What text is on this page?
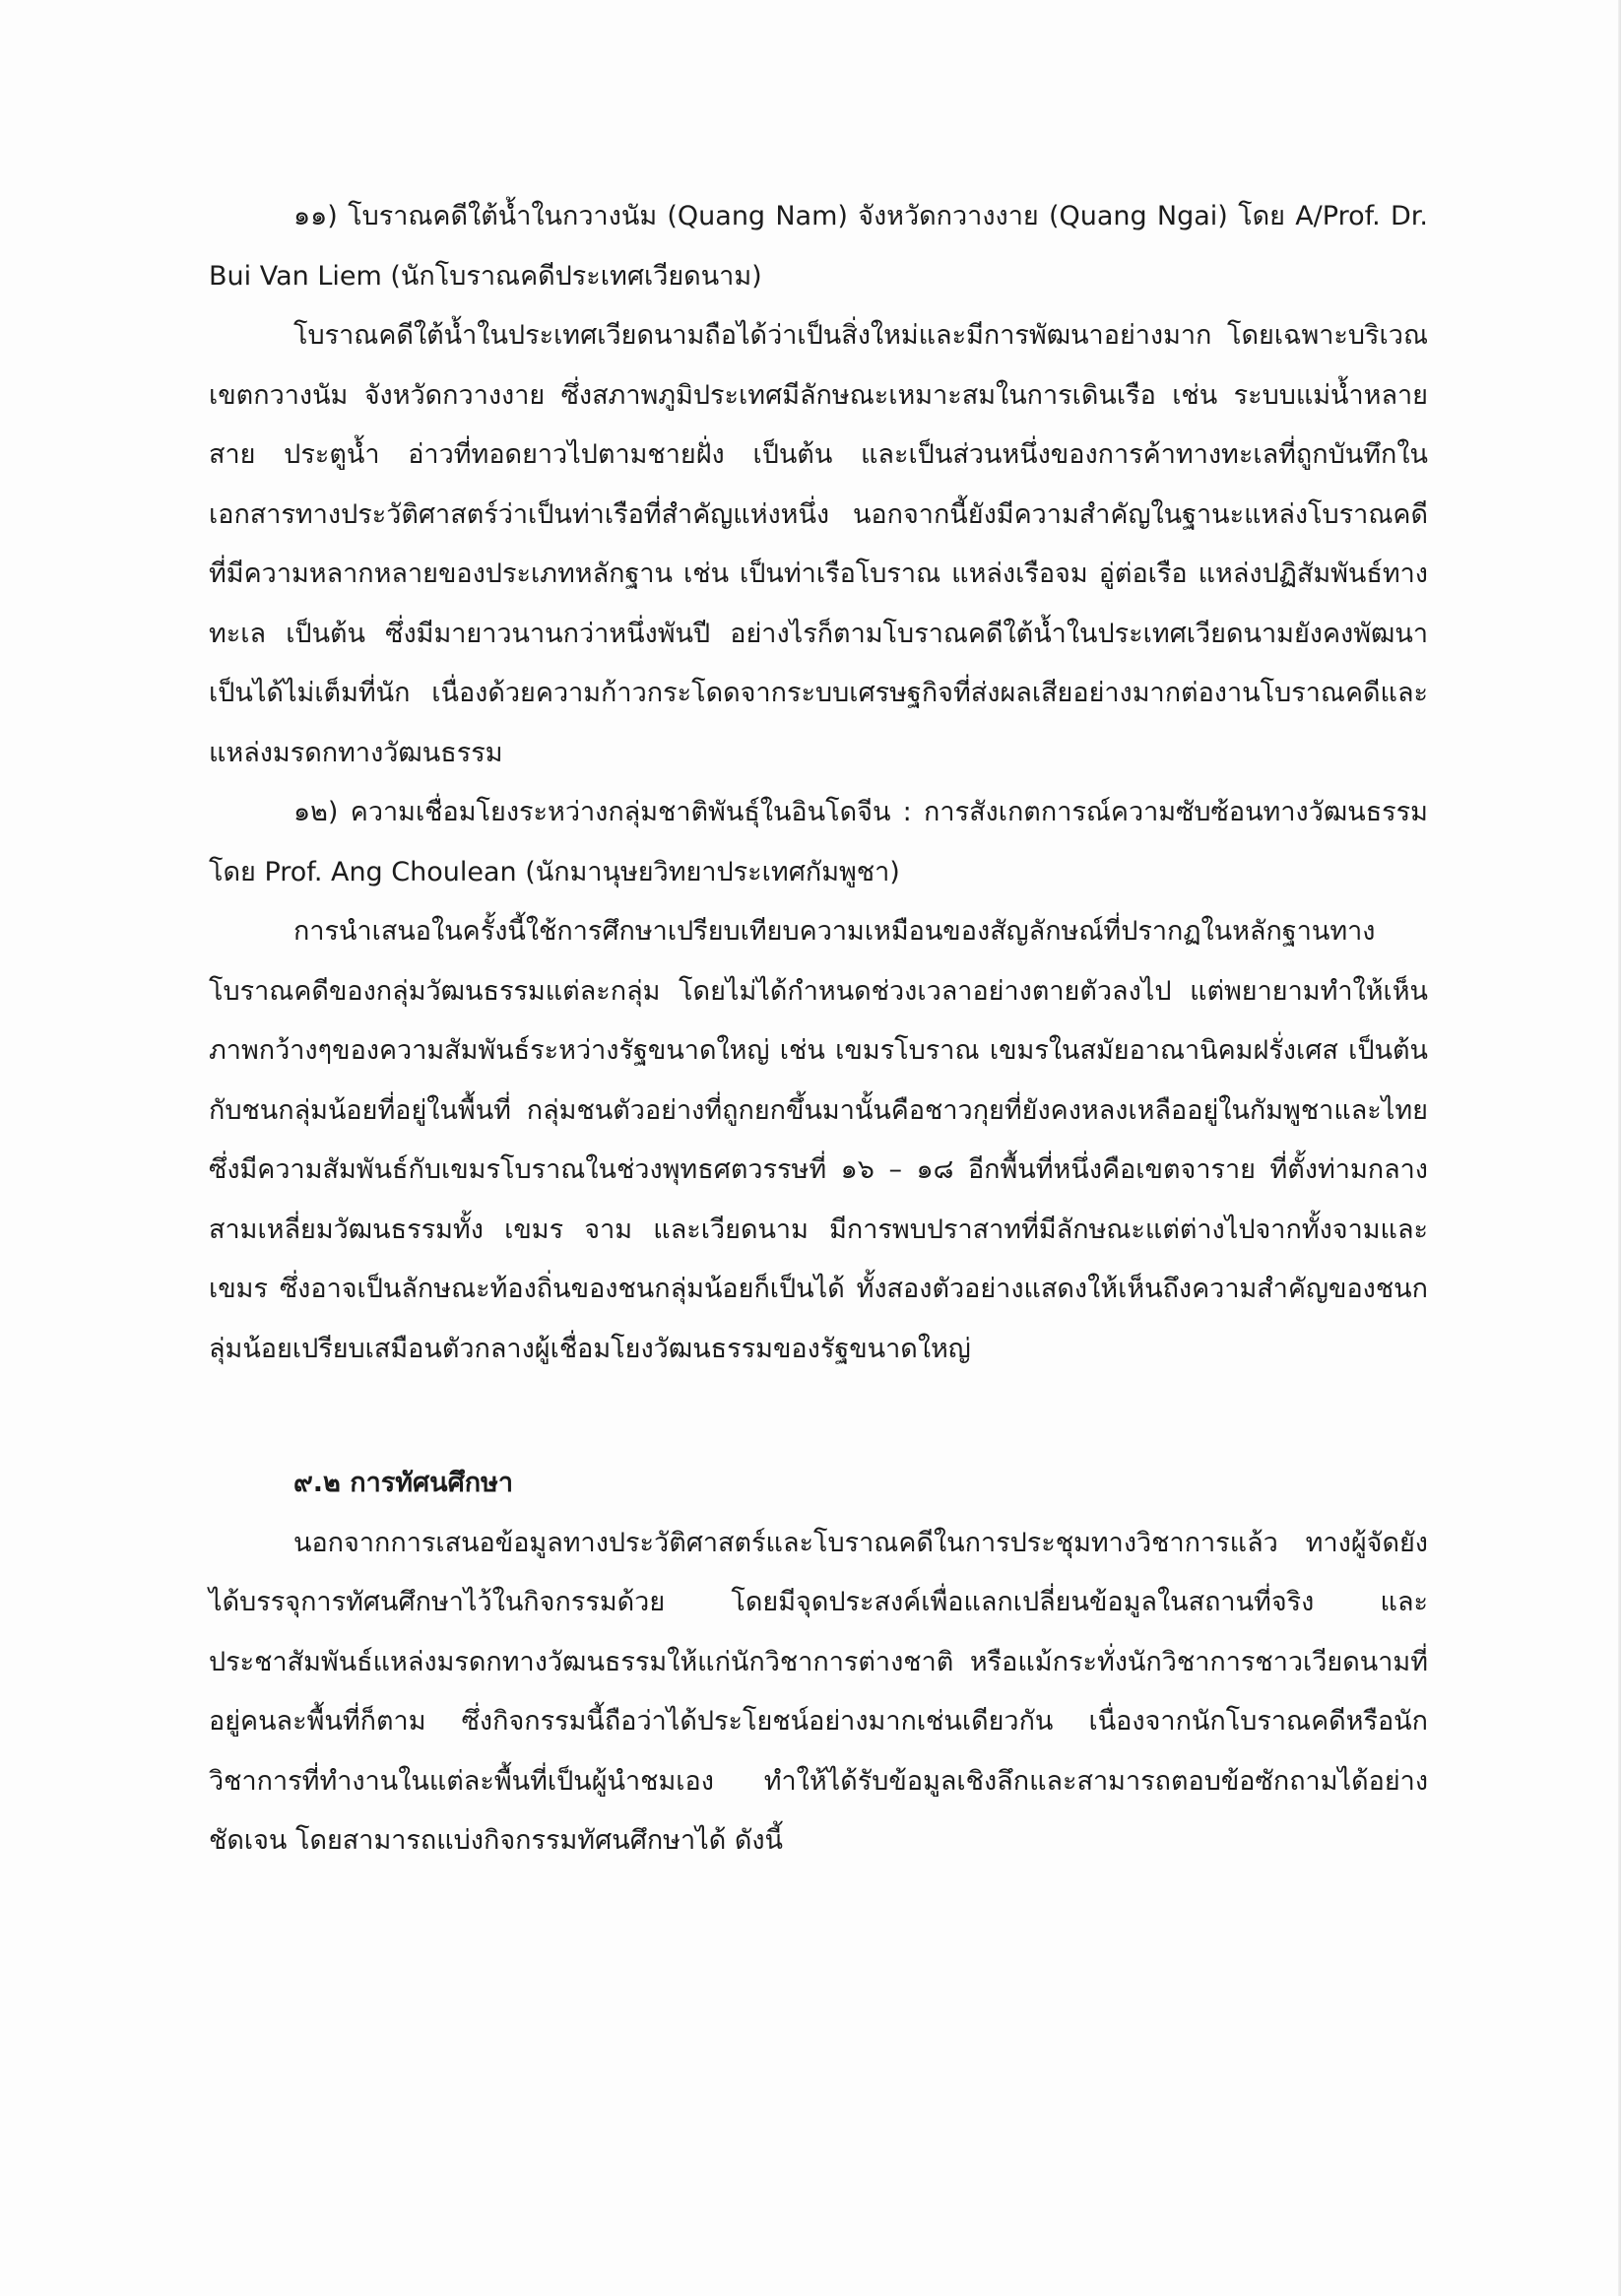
๑๑) โบราณคดีใต้น้ำในกวางนัม (Quang Nam) จังหวัดกวางงาย (Quang Ngai) โดย A/Prof. Dr. Bui Van Liem (นักโบราณคดีประเทศเวียดนาม)

โบราณคดีใต้น้ำในประเทศเวียดนามถือได้ว่าเป็นสิ่งใหม่และมีการพัฒนาอย่างมาก โดยเฉพาะบริเวณเขตกวางนัม จังหวัดกวางงาย ซึ่งสภาพภูมิประเทศมีลักษณะเหมาะสมในการเดินเรือ เช่น ระบบแม่น้ำหลายสาย ประตูน้ำ อ่าวที่ทอดยาวไปตามชายฝั่ง เป็นต้น และเป็นส่วนหนึ่งของการค้าทางทะเลที่ถูกบันทึกในเอกสารทางประวัติศาสตร์ว่าเป็นท่าเรือที่สำคัญแห่งหนึ่ง นอกจากนี้ยังมีความสำคัญในฐานะแหล่งโบราณคดีที่มีความหลากหลายของประเภทหลักฐาน เช่น เป็นท่าเรือโบราณ แหล่งเรือจม อู่ต่อเรือ แหล่งปฏิสัมพันธ์ทางทะเล เป็นต้น ซึ่งมีมายาวนานกว่าหนึ่งพันปี อย่างไรก็ตามโบราณคดีใต้น้ำในประเทศเวียดนามยังคงพัฒนาเป็นได้ไม่เต็มที่นัก เนื่องด้วยความก้าวกระโดดจากระบบเศรษฐกิจที่ส่งผลเสียอย่างมากต่องานโบราณคดีและแหล่งมรดกทางวัฒนธรรม

๑๒) ความเชื่อมโยงระหว่างกลุ่มชาติพันธุ์ในอินโดจีน : การสังเกตการณ์ความซับซ้อนทางวัฒนธรรม โดย Prof. Ang Choulean (นักมานุษยวิทยาประเทศกัมพูชา)

การนำเสนอในครั้งนี้ใช้การศึกษาเปรียบเทียบความเหมือนของสัญลักษณ์ที่ปรากฏในหลักฐานทางโบราณคดีของกลุ่มวัฒนธรรมแต่ละกลุ่ม โดยไม่ได้กำหนดช่วงเวลาอย่างตายตัวลงไป แต่พยายามทำให้เห็นภาพกว้างๆของความสัมพันธ์ระหว่างรัฐขนาดใหญ่ เช่น เขมรโบราณ เขมรในสมัยอาณานิคมฝรั่งเศส เป็นต้น กับชนกลุ่มน้อยที่อยู่ในพื้นที่ กลุ่มชนตัวอย่างที่ถูกยกขึ้นมานั้นคือชาวกุยที่ยังคงหลงเหลืออยู่ในกัมพูชาและไทย ซึ่งมีความสัมพันธ์กับเขมรโบราณในช่วงพุทธศตวรรษที่ ๑๖ – ๑๘ อีกพื้นที่หนึ่งคือเขตจาราย ที่ตั้งท่ามกลางสามเหลี่ยมวัฒนธรรมทั้ง เขมร จาม และเวียดนาม มีการพบปราสาทที่มีลักษณะแต่ต่างไปจากทั้งจามและเขมร ซึ่งอาจเป็นลักษณะท้องถิ่นของชนกลุ่มน้อยก็เป็นได้ ทั้งสองตัวอย่างแสดงให้เห็นถึงความสำคัญของชนกลุ่มน้อยเปรียบเสมือนตัวกลางผู้เชื่อมโยงวัฒนธรรมของรัฐขนาดใหญ่

๙.๒ การทัศนศึกษา

นอกจากการเสนอข้อมูลทางประวัติศาสตร์และโบราณคดีในการประชุมทางวิชาการแล้ว ทางผู้จัดยังได้บรรจุการทัศนศึกษาไว้ในกิจกรรมด้วย โดยมีจุดประสงค์เพื่อแลกเปลี่ยนข้อมูลในสถานที่จริง และประชาสัมพันธ์แหล่งมรดกทางวัฒนธรรมให้แก่นักวิชาการต่างชาติ หรือแม้กระทั่งนักวิชาการชาวเวียดนามที่อยู่คนละพื้นที่ก็ตาม ซึ่งกิจกรรมนี้ถือว่าได้ประโยชน์อย่างมากเช่นเดียวกัน เนื่องจากนักโบราณคดีหรือนักวิชาการที่ทำงานในแต่ละพื้นที่เป็นผู้นำชมเอง ทำให้ได้รับข้อมูลเชิงลึกและสามารถตอบข้อซักถามได้อย่างชัดเจน โดยสามารถแบ่งกิจกรรมทัศนศึกษาได้ ดังนี้
